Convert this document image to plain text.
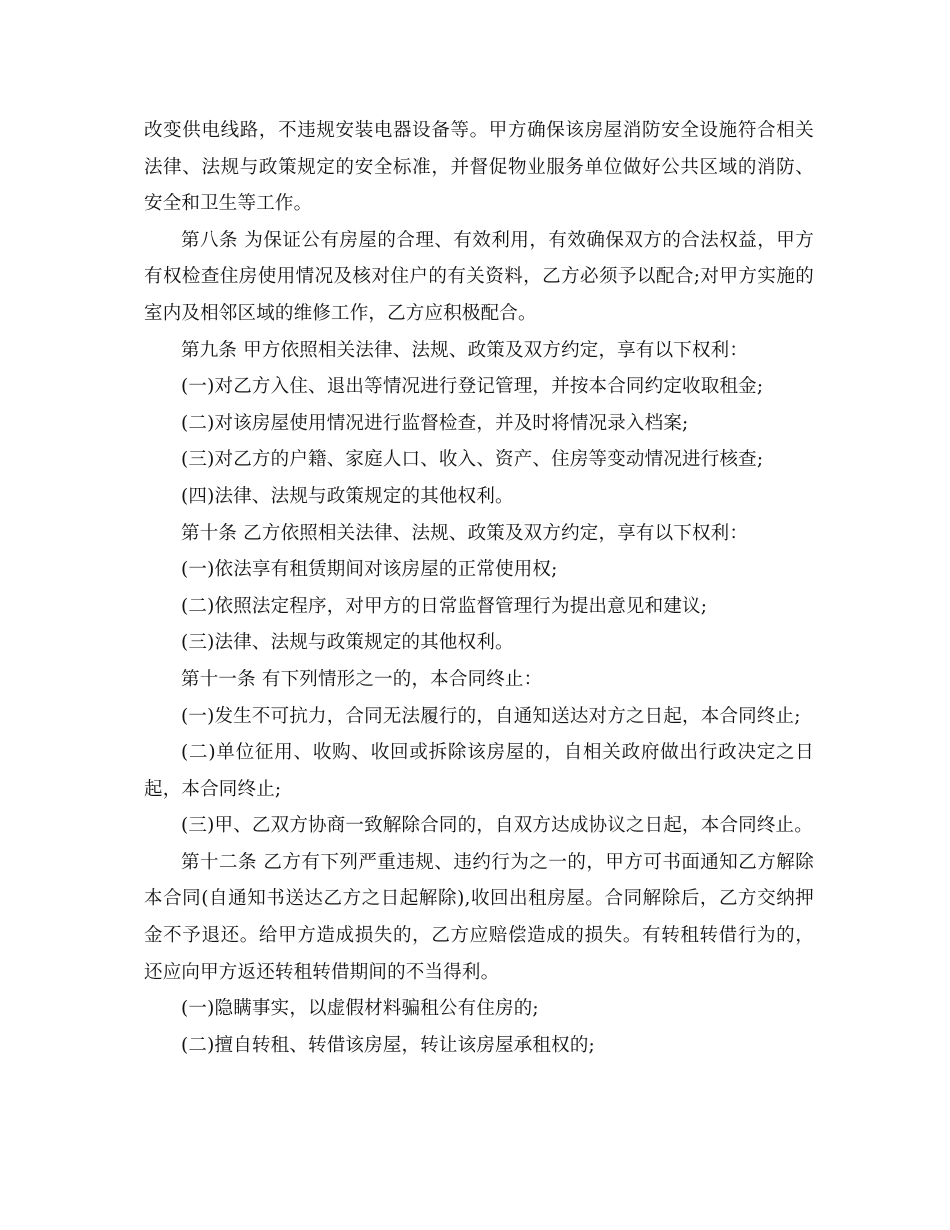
改变供电线路，不违规安装电器设备等。甲方确保该房屋消防安全设施符合相关法律、法规与政策规定的安全标准，并督促物业服务单位做好公共区域的消防、安全和卫生等工作。

第八条 为保证公有房屋的合理、有效利用，有效确保双方的合法权益，甲方有权检查住房使用情况及核对住户的有关资料，乙方必须予以配合;对甲方实施的室内及相邻区域的维修工作，乙方应积极配合。

第九条 甲方依照相关法律、法规、政策及双方约定，享有以下权利：

(一)对乙方入住、退出等情况进行登记管理，并按本合同约定收取租金;

(二)对该房屋使用情况进行监督检查，并及时将情况录入档案;

(三)对乙方的户籍、家庭人口、收入、资产、住房等变动情况进行核查;

(四)法律、法规与政策规定的其他权利。

第十条 乙方依照相关法律、法规、政策及双方约定，享有以下权利：

(一)依法享有租赁期间对该房屋的正常使用权;

(二)依照法定程序，对甲方的日常监督管理行为提出意见和建议;

(三)法律、法规与政策规定的其他权利。

第十一条 有下列情形之一的，本合同终止：

(一)发生不可抗力，合同无法履行的，自通知送达对方之日起，本合同终止;

(二)单位征用、收购、收回或拆除该房屋的，自相关政府做出行政决定之日起，本合同终止;

(三)甲、乙双方协商一致解除合同的，自双方达成协议之日起，本合同终止。

第十二条 乙方有下列严重违规、违约行为之一的，甲方可书面通知乙方解除本合同(自通知书送达乙方之日起解除),收回出租房屋。合同解除后，乙方交纳押金不予退还。给甲方造成损失的，乙方应赔偿造成的损失。有转租转借行为的，还应向甲方返还转租转借期间的不当得利。

(一)隐瞒事实，以虚假材料骗租公有住房的;

(二)擅自转租、转借该房屋，转让该房屋承租权的;
